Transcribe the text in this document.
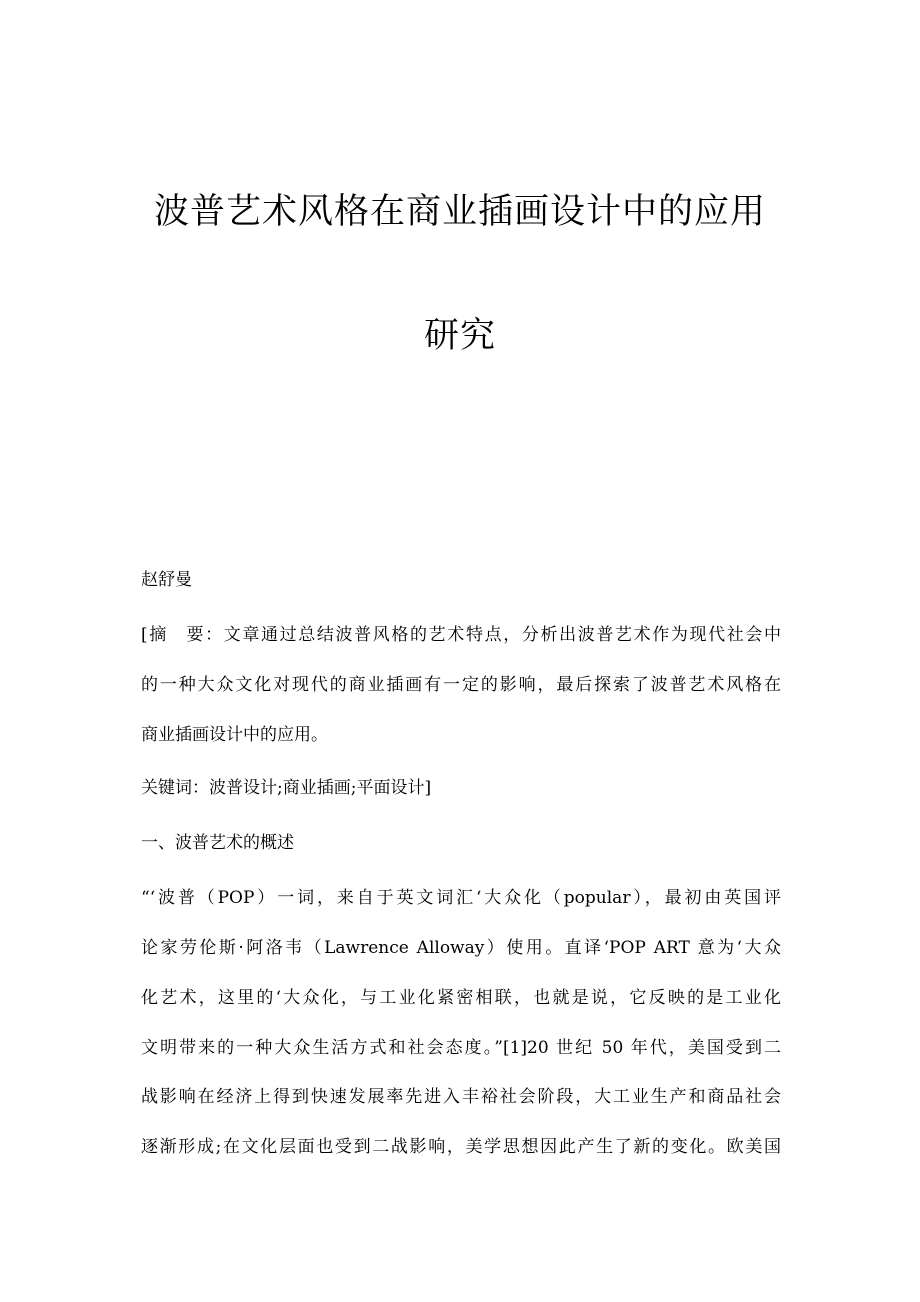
波普艺术风格在商业插画设计中的应用
研究
赵舒曼
[摘　要：文章通过总结波普风格的艺术特点，分析出波普艺术作为现代社会中
的一种大众文化对现代的商业插画有一定的影响，最后探索了波普艺术风格在
商业插画设计中的应用。
关键词：波普设计;商业插画;平面设计]
一、波普艺术的概述
“‘波普（POP）一词，来自于英文词汇‘大众化（popular），最初由英国评
论家劳伦斯·阿洛韦（Lawrence Alloway）使用。直译‘POP ART 意为‘大众
化艺术，这里的‘大众化，与工业化紧密相联，也就是说，它反映的是工业化
文明带来的一种大众生活方式和社会态度。”[1]20 世纪 50 年代，美国受到二
战影响在经济上得到快速发展率先进入丰裕社会阶段，大工业生产和商品社会
逐渐形成;在文化层面也受到二战影响，美学思想因此产生了新的变化。欧美国
